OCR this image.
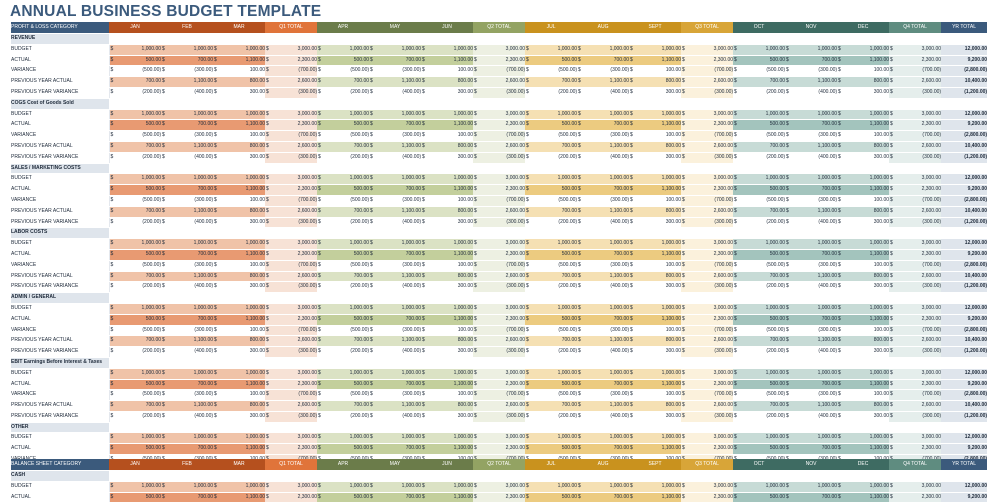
ANNUAL BUSINESS BUDGET TEMPLATE
PROFIT & LOSS CATEGORY	JAN		FEB		MAR		Q1 TOTAL		APR		MAY		JUN		Q2 TOTAL		JUL		AUG		SEPT		Q3 TOTAL		OCT		NOV		DEC		Q4 TOTAL		YR TOTAL
REVENUE																																	
BUDGET	$	1,000.00	$	1,000.00	$	1,000.00	$	3,000.00	$	1,000.00	$	1,000.00	$	1,000.00	$	3,000.00	$	1,000.00	$	1,000.00	$	1,000.00	$	3,000.00	$	1,000.00	$	1,000.00	$	1,000.00	$	3,000.00	12,000.00
ACTUAL	$	500.00	$	700.00	$	1,100.00	$	2,300.00	$	500.00	$	700.00	$	1,100.00	$	2,300.00	$	500.00	$	700.00	$	1,100.00	$	2,300.00	$	500.00	$	700.00	$	1,100.00	$	2,300.00	9,200.00
VARIANCE	$	(500.00)	$	(300.00)	$	100.00	$	(700.00)	$	(500.00)	$	(300.00)	$	100.00	$	(700.00)	$	(500.00)	$	(300.00)	$	100.00	$	(700.00)	$	(500.00)	$	(300.00)	$	100.00	$	(700.00)	(2,800.00)
PREVIOUS YEAR ACTUAL	$	700.00	$	1,100.00	$	800.00	$	2,600.00	$	700.00	$	1,100.00	$	800.00	$	2,600.00	$	700.00	$	1,100.00	$	800.00	$	2,600.00	$	700.00	$	1,100.00	$	800.00	$	2,600.00	10,400.00
PREVIOUS YEAR VARIANCE	$	(200.00)	$	(400.00)	$	300.00	$	(300.00)	$	(200.00)	$	(400.00)	$	300.00	$	(300.00)	$	(200.00)	$	(400.00)	$	300.00	$	(300.00)	$	(200.00)	$	(400.00)	$	300.00	$	(300.00)	(1,200.00)
COGS Cost of Goods Sold																																	
BUDGET	$	1,000.00	$	1,000.00	$	1,000.00	$	3,000.00	$	1,000.00	$	1,000.00	$	1,000.00	$	3,000.00	$	1,000.00	$	1,000.00	$	1,000.00	$	3,000.00	$	1,000.00	$	1,000.00	$	1,000.00	$	3,000.00	12,000.00
ACTUAL	$	500.00	$	700.00	$	1,100.00	$	2,300.00	$	500.00	$	700.00	$	1,100.00	$	2,300.00	$	500.00	$	700.00	$	1,100.00	$	2,300.00	$	500.00	$	700.00	$	1,100.00	$	2,300.00	9,200.00
VARIANCE	$	(500.00)	$	(300.00)	$	100.00	$	(700.00)	$	(500.00)	$	(300.00)	$	100.00	$	(700.00)	$	(500.00)	$	(300.00)	$	100.00	$	(700.00)	$	(500.00)	$	(300.00)	$	100.00	$	(700.00)	(2,800.00)
PREVIOUS YEAR ACTUAL	$	700.00	$	1,100.00	$	800.00	$	2,600.00	$	700.00	$	1,100.00	$	800.00	$	2,600.00	$	700.00	$	1,100.00	$	800.00	$	2,600.00	$	700.00	$	1,100.00	$	800.00	$	2,600.00	10,400.00
PREVIOUS YEAR VARIANCE	$	(200.00)	$	(400.00)	$	300.00	$	(300.00)	$	(200.00)	$	(400.00)	$	300.00	$	(300.00)	$	(200.00)	$	(400.00)	$	300.00	$	(300.00)	$	(200.00)	$	(400.00)	$	300.00	$	(300.00)	(1,200.00)
SALES / MARKETING COSTS																																	
BUDGET	$	1,000.00	$	1,000.00	$	1,000.00	$	3,000.00	$	1,000.00	$	1,000.00	$	1,000.00	$	3,000.00	$	1,000.00	$	1,000.00	$	1,000.00	$	3,000.00	$	1,000.00	$	1,000.00	$	1,000.00	$	3,000.00	12,000.00
ACTUAL	$	500.00	$	700.00	$	1,100.00	$	2,300.00	$	500.00	$	700.00	$	1,100.00	$	2,300.00	$	500.00	$	700.00	$	1,100.00	$	2,300.00	$	500.00	$	700.00	$	1,100.00	$	2,300.00	9,200.00
VARIANCE	$	(500.00)	$	(300.00)	$	100.00	$	(700.00)	$	(500.00)	$	(300.00)	$	100.00	$	(700.00)	$	(500.00)	$	(300.00)	$	100.00	$	(700.00)	$	(500.00)	$	(300.00)	$	100.00	$	(700.00)	(2,800.00)
PREVIOUS YEAR ACTUAL	$	700.00	$	1,100.00	$	800.00	$	2,600.00	$	700.00	$	1,100.00	$	800.00	$	2,600.00	$	700.00	$	1,100.00	$	800.00	$	2,600.00	$	700.00	$	1,100.00	$	800.00	$	2,600.00	10,400.00
PREVIOUS YEAR VARIANCE	$	(200.00)	$	(400.00)	$	300.00	$	(300.00)	$	(200.00)	$	(400.00)	$	300.00	$	(300.00)	$	(200.00)	$	(400.00)	$	300.00	$	(300.00)	$	(200.00)	$	(400.00)	$	300.00	$	(300.00)	(1,200.00)
LABOR COSTS																																	
BUDGET	$	1,000.00	$	1,000.00	$	1,000.00	$	3,000.00	$	1,000.00	$	1,000.00	$	1,000.00	$	3,000.00	$	1,000.00	$	1,000.00	$	1,000.00	$	3,000.00	$	1,000.00	$	1,000.00	$	1,000.00	$	3,000.00	12,000.00
ACTUAL	$	500.00	$	700.00	$	1,100.00	$	2,300.00	$	500.00	$	700.00	$	1,100.00	$	2,300.00	$	500.00	$	700.00	$	1,100.00	$	2,300.00	$	500.00	$	700.00	$	1,100.00	$	2,300.00	9,200.00
VARIANCE	$	(500.00)	$	(300.00)	$	100.00	$	(700.00)	$	(500.00)	$	(300.00)	$	100.00	$	(700.00)	$	(500.00)	$	(300.00)	$	100.00	$	(700.00)	$	(500.00)	$	(300.00)	$	100.00	$	(700.00)	(2,800.00)
PREVIOUS YEAR ACTUAL	$	700.00	$	1,100.00	$	800.00	$	2,600.00	$	700.00	$	1,100.00	$	800.00	$	2,600.00	$	700.00	$	1,100.00	$	800.00	$	2,600.00	$	700.00	$	1,100.00	$	800.00	$	2,600.00	10,400.00
PREVIOUS YEAR VARIANCE	$	(200.00)	$	(400.00)	$	300.00	$	(300.00)	$	(200.00)	$	(400.00)	$	300.00	$	(300.00)	$	(200.00)	$	(400.00)	$	300.00	$	(300.00)	$	(200.00)	$	(400.00)	$	300.00	$	(300.00)	(1,200.00)
ADMIN / GENERAL																																	
BUDGET	$	1,000.00	$	1,000.00	$	1,000.00	$	3,000.00	$	1,000.00	$	1,000.00	$	1,000.00	$	3,000.00	$	1,000.00	$	1,000.00	$	1,000.00	$	3,000.00	$	1,000.00	$	1,000.00	$	1,000.00	$	3,000.00	12,000.00
ACTUAL	$	500.00	$	700.00	$	1,100.00	$	2,300.00	$	500.00	$	700.00	$	1,100.00	$	2,300.00	$	500.00	$	700.00	$	1,100.00	$	2,300.00	$	500.00	$	700.00	$	1,100.00	$	2,300.00	9,200.00
VARIANCE	$	(500.00)	$	(300.00)	$	100.00	$	(700.00)	$	(500.00)	$	(300.00)	$	100.00	$	(700.00)	$	(500.00)	$	(300.00)	$	100.00	$	(700.00)	$	(500.00)	$	(300.00)	$	100.00	$	(700.00)	(2,800.00)
PREVIOUS YEAR ACTUAL	$	700.00	$	1,100.00	$	800.00	$	2,600.00	$	700.00	$	1,100.00	$	800.00	$	2,600.00	$	700.00	$	1,100.00	$	800.00	$	2,600.00	$	700.00	$	1,100.00	$	800.00	$	2,600.00	10,400.00
PREVIOUS YEAR VARIANCE	$	(200.00)	$	(400.00)	$	300.00	$	(300.00)	$	(200.00)	$	(400.00)	$	300.00	$	(300.00)	$	(200.00)	$	(400.00)	$	300.00	$	(300.00)	$	(200.00)	$	(400.00)	$	300.00	$	(300.00)	(1,200.00)
EBIT Earnings Before Interest & Taxes																																	
BUDGET	$	1,000.00	$	1,000.00	$	1,000.00	$	3,000.00	$	1,000.00	$	1,000.00	$	1,000.00	$	3,000.00	$	1,000.00	$	1,000.00	$	1,000.00	$	3,000.00	$	1,000.00	$	1,000.00	$	1,000.00	$	3,000.00	12,000.00
ACTUAL	$	500.00	$	700.00	$	1,100.00	$	2,300.00	$	500.00	$	700.00	$	1,100.00	$	2,300.00	$	500.00	$	700.00	$	1,100.00	$	2,300.00	$	500.00	$	700.00	$	1,100.00	$	2,300.00	9,200.00
VARIANCE	$	(500.00)	$	(300.00)	$	100.00	$	(700.00)	$	(500.00)	$	(300.00)	$	100.00	$	(700.00)	$	(500.00)	$	(300.00)	$	100.00	$	(700.00)	$	(500.00)	$	(300.00)	$	100.00	$	(700.00)	(2,800.00)
PREVIOUS YEAR ACTUAL	$	700.00	$	1,100.00	$	800.00	$	2,600.00	$	700.00	$	1,100.00	$	800.00	$	2,600.00	$	700.00	$	1,100.00	$	800.00	$	2,600.00	$	700.00	$	1,100.00	$	800.00	$	2,600.00	10,400.00
PREVIOUS YEAR VARIANCE	$	(200.00)	$	(400.00)	$	300.00	$	(300.00)	$	(200.00)	$	(400.00)	$	300.00	$	(300.00)	$	(200.00)	$	(400.00)	$	300.00	$	(300.00)	$	(200.00)	$	(400.00)	$	300.00	$	(300.00)	(1,200.00)
OTHER																																	
BUDGET	$	1,000.00	$	1,000.00	$	1,000.00	$	3,000.00	$	1,000.00	$	1,000.00	$	1,000.00	$	3,000.00	$	1,000.00	$	1,000.00	$	1,000.00	$	3,000.00	$	1,000.00	$	1,000.00	$	1,000.00	$	3,000.00	12,000.00
ACTUAL	$	500.00	$	700.00	$	1,100.00	$	2,300.00	$	500.00	$	700.00	$	1,100.00	$	2,300.00	$	500.00	$	700.00	$	1,100.00	$	2,300.00	$	500.00	$	700.00	$	1,100.00	$	2,300.00	9,200.00

BALANCE SHEET CATEGORY	JAN		FEB		MAR		Q1 TOTAL		APR		MAY		JUN		Q2 TOTAL		JUL		AUG		SEPT		Q3 TOTAL		OCT		NOV		DEC		Q4 TOTAL		YR TOTAL
CASH																																	
BUDGET	$	1,000.00	$	1,000.00	$	1,000.00	$	3,000.00	$	1,000.00	$	1,000.00	$	1,000.00	$	3,000.00	$	1,000.00	$	1,000.00	$	1,000.00	$	3,000.00	$	1,000.00	$	1,000.00	$	1,000.00	$	3,000.00	12,000.00
ACTUAL	$	500.00	$	700.00	$	1,100.00	$	2,300.00	$	500.00	$	700.00	$	1,100.00	$	2,300.00	$	500.00	$	700.00	$	1,100.00	$	2,300.00	$	500.00	$	700.00	$	1,100.00	$	2,300.00	9,200.00
